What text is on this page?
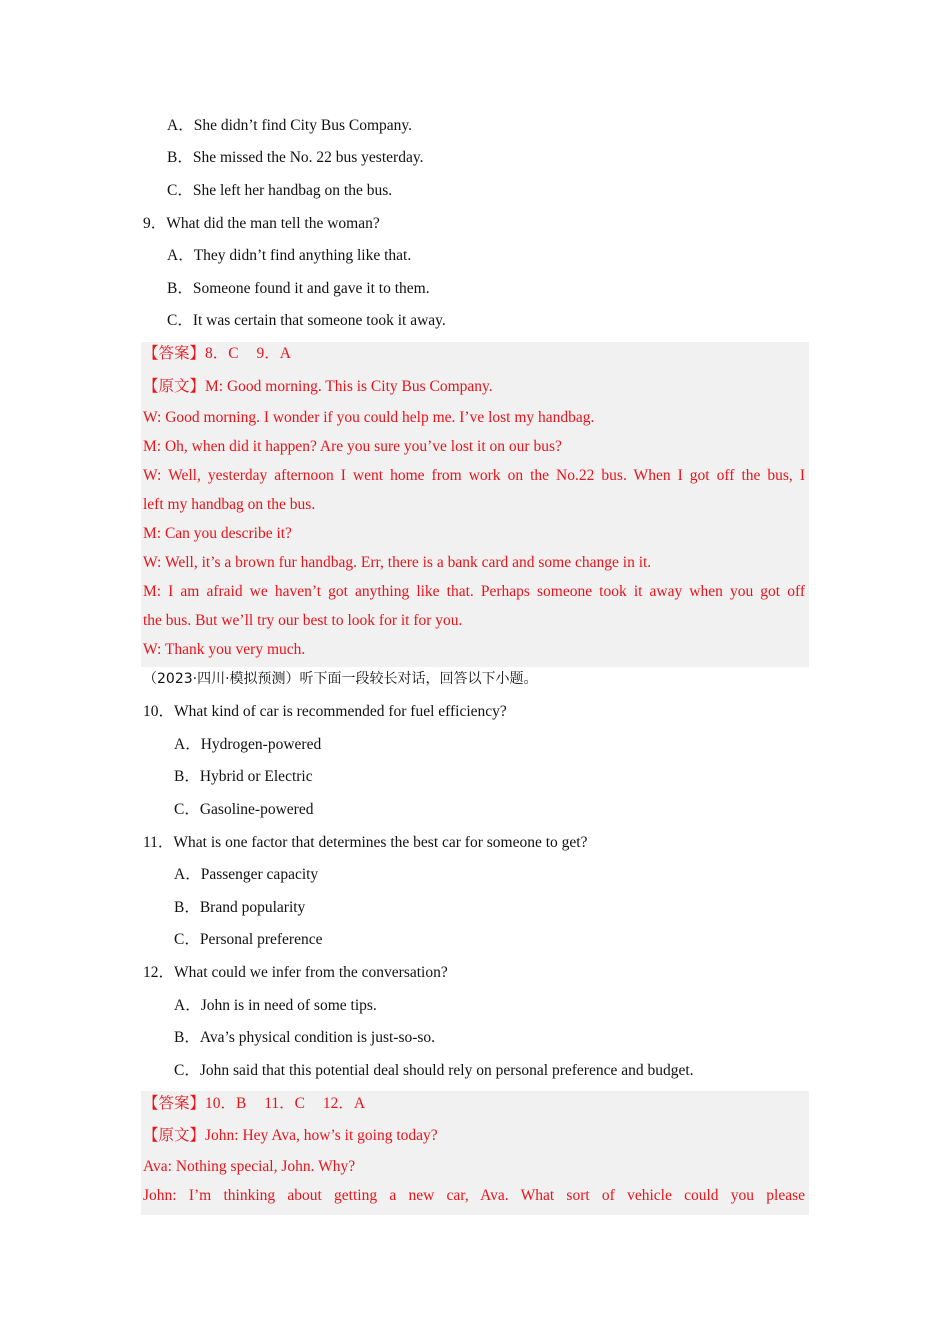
A．She didn’t find City Bus Company.
B．She missed the No. 22 bus yesterday.
C．She left her handbag on the bus.
9．What did the man tell the woman?
A．They didn’t find anything like that.
B．Someone found it and gave it to them.
C．It was certain that someone took it away.
【答案】8．C 9．A
【原文】M: Good morning. This is City Bus Company.
W: Good morning. I wonder if you could help me. I’ve lost my handbag.
M: Oh, when did it happen? Are you sure you’ve lost it on our bus?
W: Well, yesterday afternoon I went home from work on the No.22 bus. When I got off the bus, I
left my handbag on the bus.
M: Can you describe it?
W: Well, it’s a brown fur handbag. Err, there is a bank card and some change in it.
M: I am afraid we haven’t got anything like that. Perhaps someone took it away when you got off
the bus. But we’ll try our best to look for it for you.
W: Thank you very much.
（2023·四川·模拟预测）听下面一段较长对话，回答以下小题。
10．What kind of car is recommended for fuel efficiency?
A．Hydrogen-powered
B．Hybrid or Electric
C．Gasoline-powered
11．What is one factor that determines the best car for someone to get?
A．Passenger capacity
B．Brand popularity
C．Personal preference
12．What could we infer from the conversation?
A．John is in need of some tips.
B．Ava’s physical condition is just-so-so.
C．John said that this potential deal should rely on personal preference and budget.
【答案】10．B 11．C 12．A
【原文】John: Hey Ava, how’s it going today?
Ava: Nothing special, John. Why?
John: I’m thinking about getting a new car, Ava. What sort of vehicle could you please
